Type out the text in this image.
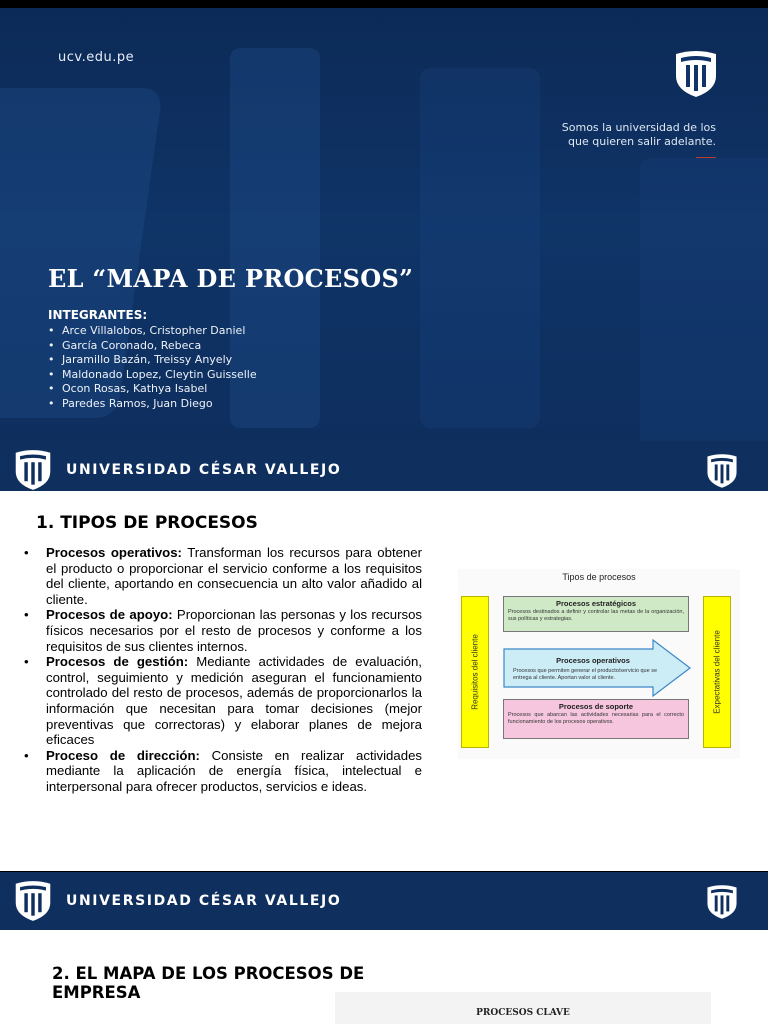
ucv.edu.pe
Somos la universidad de los
que quieren salir adelante.
EL “MAPA DE PROCESOS”
INTEGRANTES:
• Arce Villalobos, Cristopher Daniel
• García Coronado, Rebeca
• Jaramillo Bazán, Treissy Anyely
• Maldonado Lopez, Cleytin Guisselle
• Ocon Rosas, Kathya Isabel
• Paredes Ramos, Juan Diego
UNIVERSIDAD CÉSAR VALLEJO
1. TIPOS DE PROCESOS
• Procesos operativos: Transforman los recursos para obtener el producto o proporcionar el servicio conforme a los requisitos del cliente, aportando en consecuencia un alto valor añadido al cliente.
• Procesos de apoyo: Proporcionan las personas y los recursos físicos necesarios por el resto de procesos y conforme a los requisitos de sus clientes internos.
• Procesos de gestión: Mediante actividades de evaluación, control, seguimiento y medición aseguran el funcionamiento controlado del resto de procesos, además de proporcionarlos la información que necesitan para tomar decisiones (mejor preventivas que correctoras) y elaborar planes de mejora eficaces
• Proceso de dirección: Consiste en realizar actividades mediante la aplicación de energía física, intelectual e interpersonal para ofrecer productos, servicios e ideas.
Tipos de procesos
Requisitos del cliente	Expectativas del cliente
Procesos estratégicos
Procesos destinados a definir y controlar las metas de la organización, sus políticas y estrategias.
Procesos operativos
Procesos que permiten generar el producto/servicio que se entrega al cliente. Aportan valor al cliente.
Procesos de soporte
Procesos que abarcan las actividades necesarias para el correcto funcionamiento de los procesos operativos.
UNIVERSIDAD CÉSAR VALLEJO
2. EL MAPA DE LOS PROCESOS DE EMPRESA
PROCESOS CLAVE
